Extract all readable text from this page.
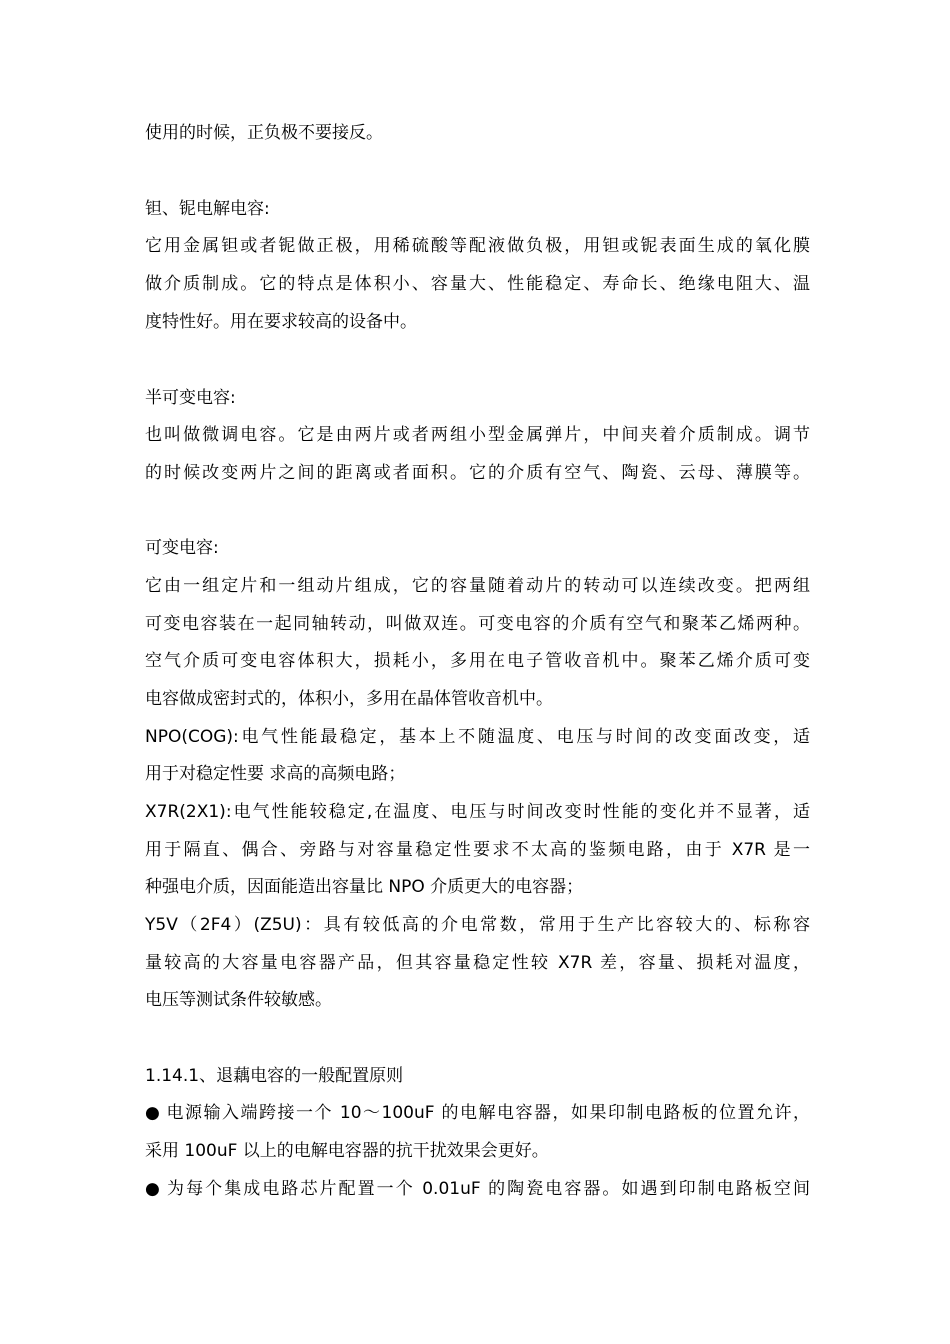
使用的时候，正负极不要接反。
钽、铌电解电容:
它用金属钽或者铌做正极，用稀硫酸等配液做负极，用钽或铌表面生成的氧化膜
做介质制成。它的特点是体积小、容量大、性能稳定、寿命长、绝缘电阻大、温
度特性好。用在要求较高的设备中。
半可变电容:
也叫做微调电容。它是由两片或者两组小型金属弹片，中间夹着介质制成。调节
的时候改变两片之间的距离或者面积。它的介质有空气、陶瓷、云母、薄膜等。
可变电容:
它由一组定片和一组动片组成，它的容量随着动片的转动可以连续改变。把两组
可变电容装在一起同轴转动，叫做双连。可变电容的介质有空气和聚苯乙烯两种。
空气介质可变电容体积大，损耗小，多用在电子管收音机中。聚苯乙烯介质可变
电容做成密封式的，体积小，多用在晶体管收音机中。
NPO(COG):电气性能最稳定，基本上不随温度、电压与时间的改变面改变，适
用于对稳定性要 求高的高频电路；
X7R(2X1):电气性能较稳定,在温度、电压与时间改变时性能的变化并不显著，适
用于隔直、偶合、旁路与对容量稳定性要求不太高的鉴频电路，由于 X7R 是一
种强电介质，因面能造出容量比 NPO 介质更大的电容器；
Y5V（2F4）(Z5U)：具有较低高的介电常数，常用于生产比容较大的、标称容
量较高的大容量电容器产品，但其容量稳定性较 X7R 差，容量、损耗对温度，
电压等测试条件较敏感。
1.14.1、退藕电容的一般配置原则
● 电源输入端跨接一个 10～100uF 的电解电容器，如果印制电路板的位置允许，
采用 100uF 以上的电解电容器的抗干扰效果会更好。
● 为每个集成电路芯片配置一个 0.01uF 的陶瓷电容器。如遇到印制电路板空间
